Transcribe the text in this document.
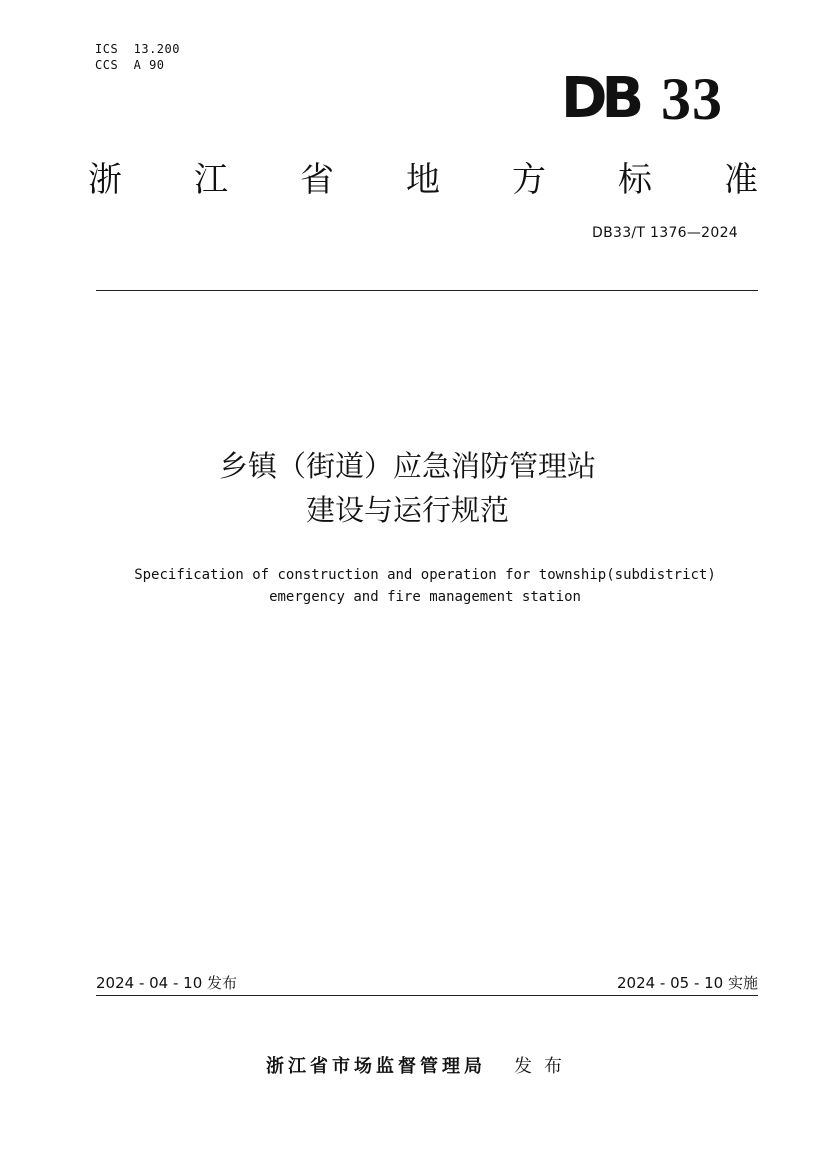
ICS  13.200
CCS  A 90
DB 33
浙 江 省 地 方 标 准
DB33/T 1376—2024
乡镇（街道）应急消防管理站
建设与运行规范
Specification of construction and operation for township(subdistrict)
emergency and fire management station
2024 - 04 - 10 发布	2024 - 05 - 10 实施
浙江省市场监督管理局 发布
